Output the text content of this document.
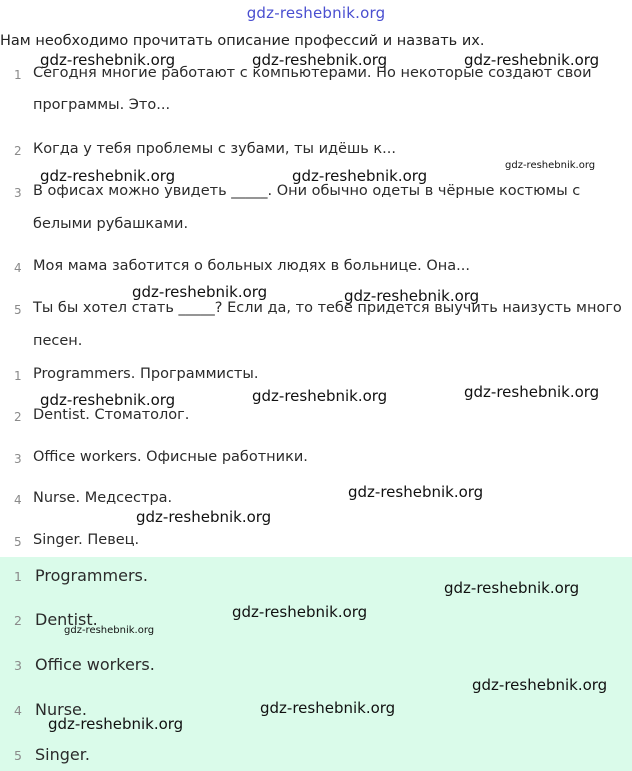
gdz-reshebnik.org
Нам необходимо прочитать описание профессий и назвать их.
1 Сегодня многие работают с компьютерами. Но некоторые создают свои
программы. Это...
2 Когда у тебя проблемы с зубами, ты идёшь к...
3 В офисах можно увидеть _____. Они обычно одеты в чёрные костюмы с
белыми рубашками.
4 Моя мама заботится о больных людях в больнице. Она...
5 Ты бы хотел стать _____? Если да, то тебе придется выучить наизусть много
песен.
1 Programmers. Программисты.
2 Dentist. Стоматолог.
3 Office workers. Офисные работники.
4 Nurse. Медсестра.
5 Singer. Певец.
1 Programmers.
2 Dentist.
3 Office workers.
4 Nurse.
5 Singer.
gdz-reshebnik.org	gdz-reshebnik.org	gdz-reshebnik.org
gdz-reshebnik.org
gdz-reshebnik.org	gdz-reshebnik.org
gdz-reshebnik.org	gdz-reshebnik.org
gdz-reshebnik.org	gdz-reshebnik.org
gdz-reshebnik.org
gdz-reshebnik.org
gdz-reshebnik.org
gdz-reshebnik.org
gdz-reshebnik.org
gdz-reshebnik.org
gdz-reshebnik.org
gdz-reshebnik.org
gdz-reshebnik.org
